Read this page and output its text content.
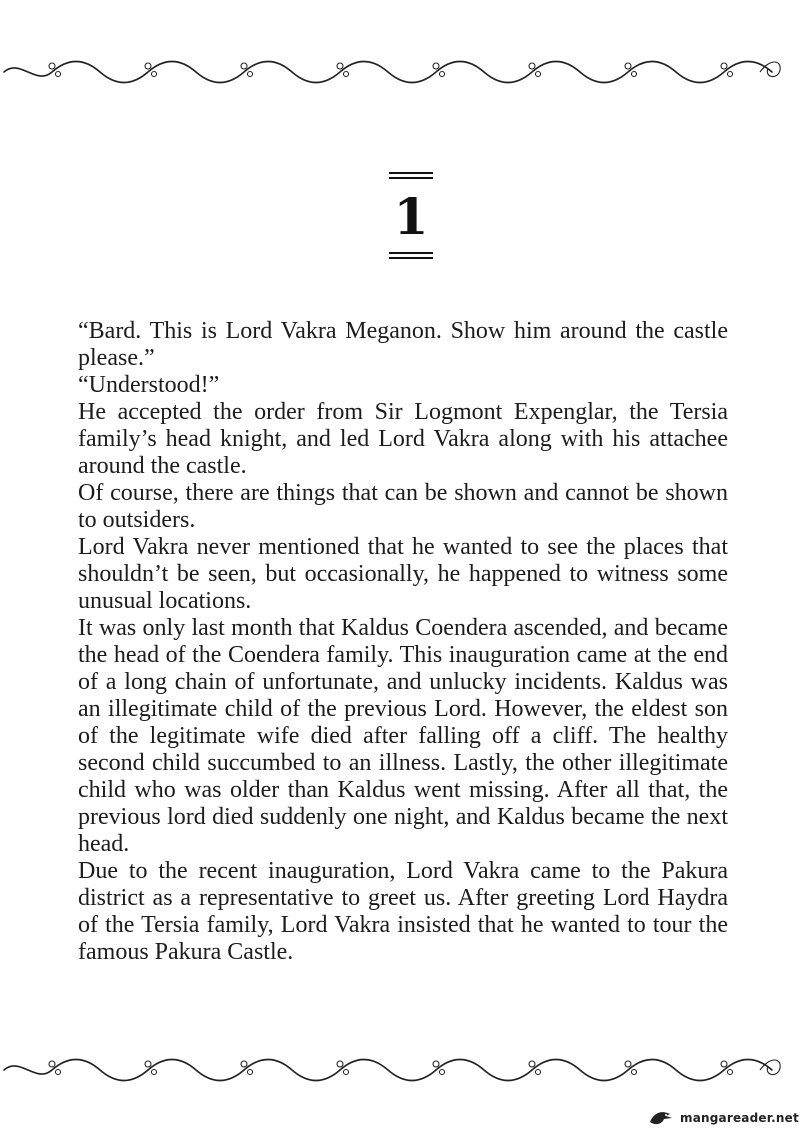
1

“Bard. This is Lord Vakra Meganon. Show him around the castle please.”

“Understood!”

He accepted the order from Sir Logmont Expenglar, the Tersia family’s head knight, and led Lord Vakra along with his attachee around the castle.

Of course, there are things that can be shown and cannot be shown to outsiders.

Lord Vakra never mentioned that he wanted to see the places that shouldn’t be seen, but occasionally, he happened to witness some unusual locations.

It was only last month that Kaldus Coendera ascended, and became the head of the Coendera family. This inauguration came at the end of a long chain of unfortunate, and unlucky incidents. Kaldus was an illegitimate child of the previous Lord. However, the eldest son of the legitimate wife died after falling off a cliff. The healthy second child succumbed to an illness. Lastly, the other illegitimate child who was older than Kaldus went missing. After all that, the previous lord died suddenly one night, and Kaldus became the next head.

Due to the recent inauguration, Lord Vakra came to the Pakura district as a representative to greet us. After greeting Lord Haydra of the Tersia family, Lord Vakra insisted that he wanted to tour the famous Pakura Castle.

mangareader.net
